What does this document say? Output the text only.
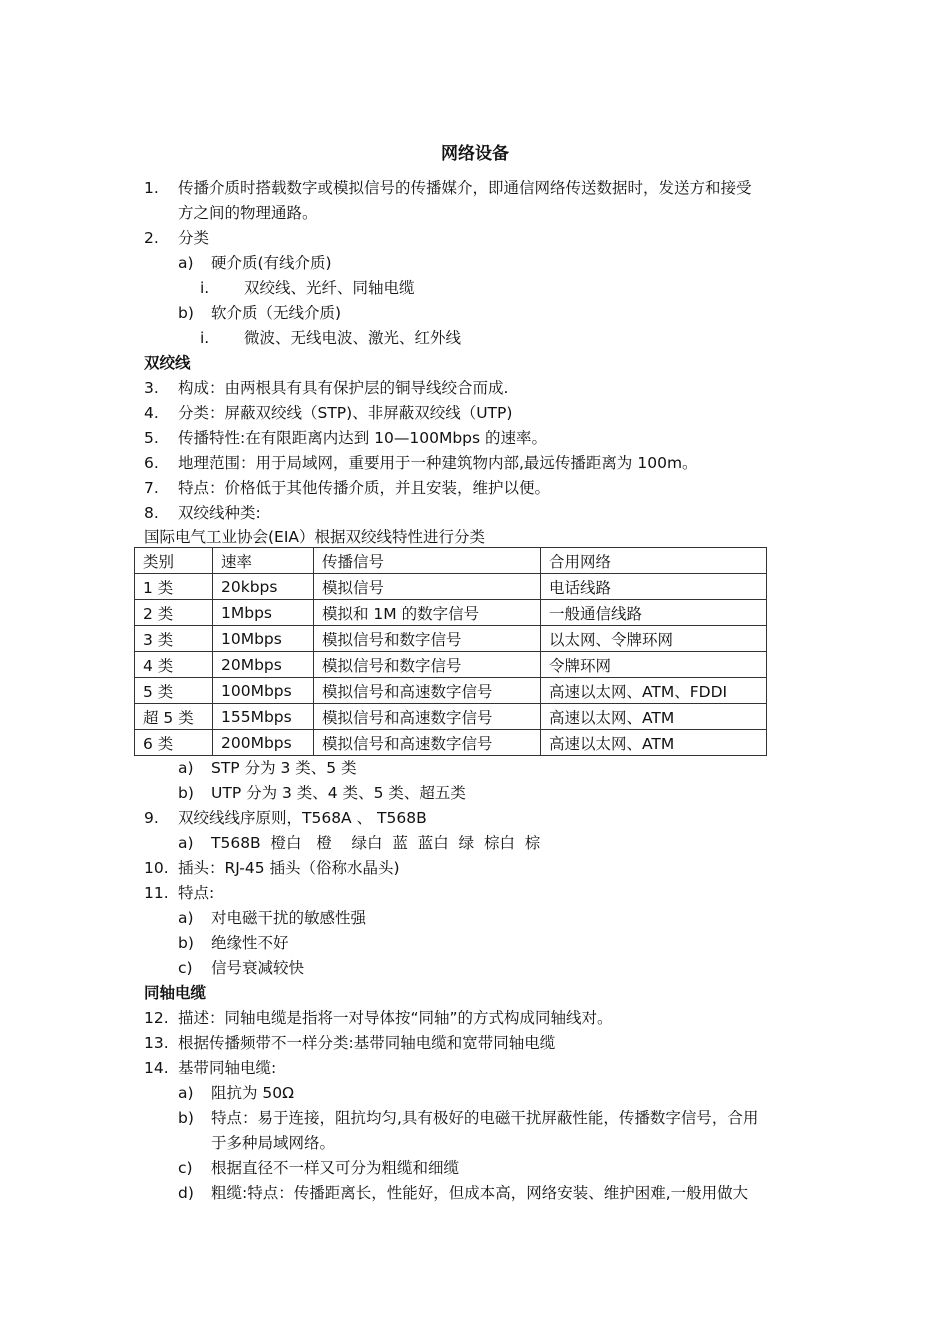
网络设备
1. 传播介质时搭载数字或模拟信号的传播媒介，即通信网络传送数据时，发送方和接受
方之间的物理通路。
2. 分类
a) 硬介质(有线介质)
i. 双绞线、光纤、同轴电缆
b) 软介质（无线介质)
i. 微波、无线电波、激光、红外线
双绞线
3. 构成：由两根具有具有保护层的铜导线绞合而成.
4. 分类：屏蔽双绞线（STP)、非屏蔽双绞线（UTP)
5. 传播特性:在有限距离内达到 10—100Mbps 的速率。
6. 地理范围：用于局域网，重要用于一种建筑物内部,最远传播距离为 100m。
7. 特点：价格低于其他传播介质，并且安装，维护以便。
8. 双绞线种类:
国际电气工业协会(EIA）根据双绞线特性进行分类
类别	速率	传播信号	合用网络
1 类	20kbps	模拟信号	电话线路
2 类	1Mbps	模拟和 1M 的数字信号	一般通信线路
3 类	10Mbps	模拟信号和数字信号	以太网、令牌环网
4 类	20Mbps	模拟信号和数字信号	令牌环网
5 类	100Mbps	模拟信号和高速数字信号	高速以太网、ATM、FDDI
超 5 类	155Mbps	模拟信号和高速数字信号	高速以太网、ATM
6 类	200Mbps	模拟信号和高速数字信号	高速以太网、ATM
a) STP 分为 3 类、5 类
b) UTP 分为 3 类、4 类、5 类、超五类
9. 双绞线线序原则，T568A 、 T568B
a) T568B  橙白   橙    绿白  蓝  蓝白  绿  棕白  棕
10. 插头：RJ-45 插头（俗称水晶头)
11. 特点:
a) 对电磁干扰的敏感性强
b) 绝缘性不好
c) 信号衰减较快
同轴电缆
12. 描述：同轴电缆是指将一对导体按“同轴”的方式构成同轴线对。
13. 根据传播频带不一样分类:基带同轴电缆和宽带同轴电缆
14. 基带同轴电缆:
a) 阻抗为 50Ω
b) 特点：易于连接，阻抗均匀,具有极好的电磁干扰屏蔽性能，传播数字信号，合用
于多种局域网络。
c) 根据直径不一样又可分为粗缆和细缆
d) 粗缆:特点：传播距离长，性能好，但成本高，网络安装、维护困难,一般用做大
